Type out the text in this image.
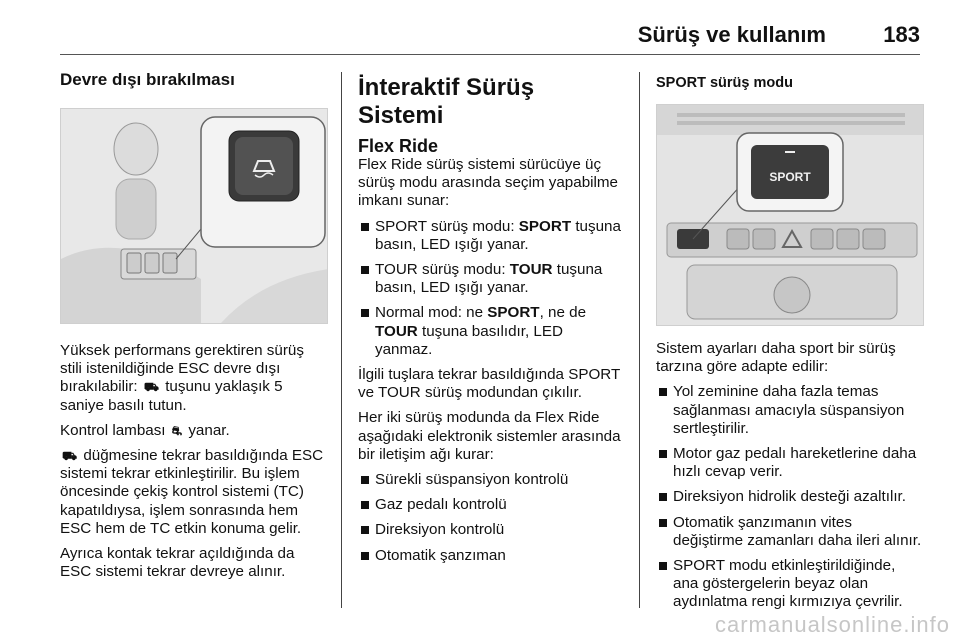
Sürüş ve kullanım	183
Devre dışı bırakılması

Yüksek performans gerektiren sürüş stili istenildiğinde ESC devre dışı bırakılabilir: ⛟ tuşunu yaklaşık 5 saniye basılı tutun.

Kontrol lambası ⛐ yanar.

⛟ düğmesine tekrar basıldığında ESC sistemi tekrar etkinleştirilir. Bu işlem öncesinde çekiş kontrol sistemi (TC) kapatıldıysa, işlem sonrasında hem ESC hem de TC etkin konuma gelir.

Ayrıca kontak tekrar açıldığında da ESC sistemi tekrar devreye alınır.

İnteraktif Sürüş Sistemi
Flex Ride

Flex Ride sürüş sistemi sürücüye üç sürüş modu arasında seçim yapabilme imkanı sunar:

SPORT sürüş modu: SPORT tuşuna basın, LED ışığı yanar.
TOUR sürüş modu: TOUR tuşuna basın, LED ışığı yanar.
Normal mod: ne SPORT, ne de TOUR tuşuna basılıdır, LED yanmaz.

İlgili tuşlara tekrar basıldığında SPORT ve TOUR sürüş modundan çıkılır.

Her iki sürüş modunda da Flex Ride aşağıdaki elektronik sistemler arasında bir iletişim ağı kurar:

Sürekli süspansiyon kontrolü
Gaz pedalı kontrolü
Direksiyon kontrolü
Otomatik şanzıman
SPORT sürüş modu
SPORT

Sistem ayarları daha sport bir sürüş tarzına göre adapte edilir:

Yol zeminine daha fazla temas sağlanması amacıyla süspansiyon sertleştirilir.
Motor gaz pedalı hareketlerine daha hızlı cevap verir.
Direksiyon hidrolik desteği azaltılır.
Otomatik şanzımanın vites değiştirme zamanları daha ileri alınır.
SPORT modu etkinleştirildiğinde, ana göstergelerin beyaz olan aydınlatma rengi kırmızıya çevrilir.
carmanualsonline.info
